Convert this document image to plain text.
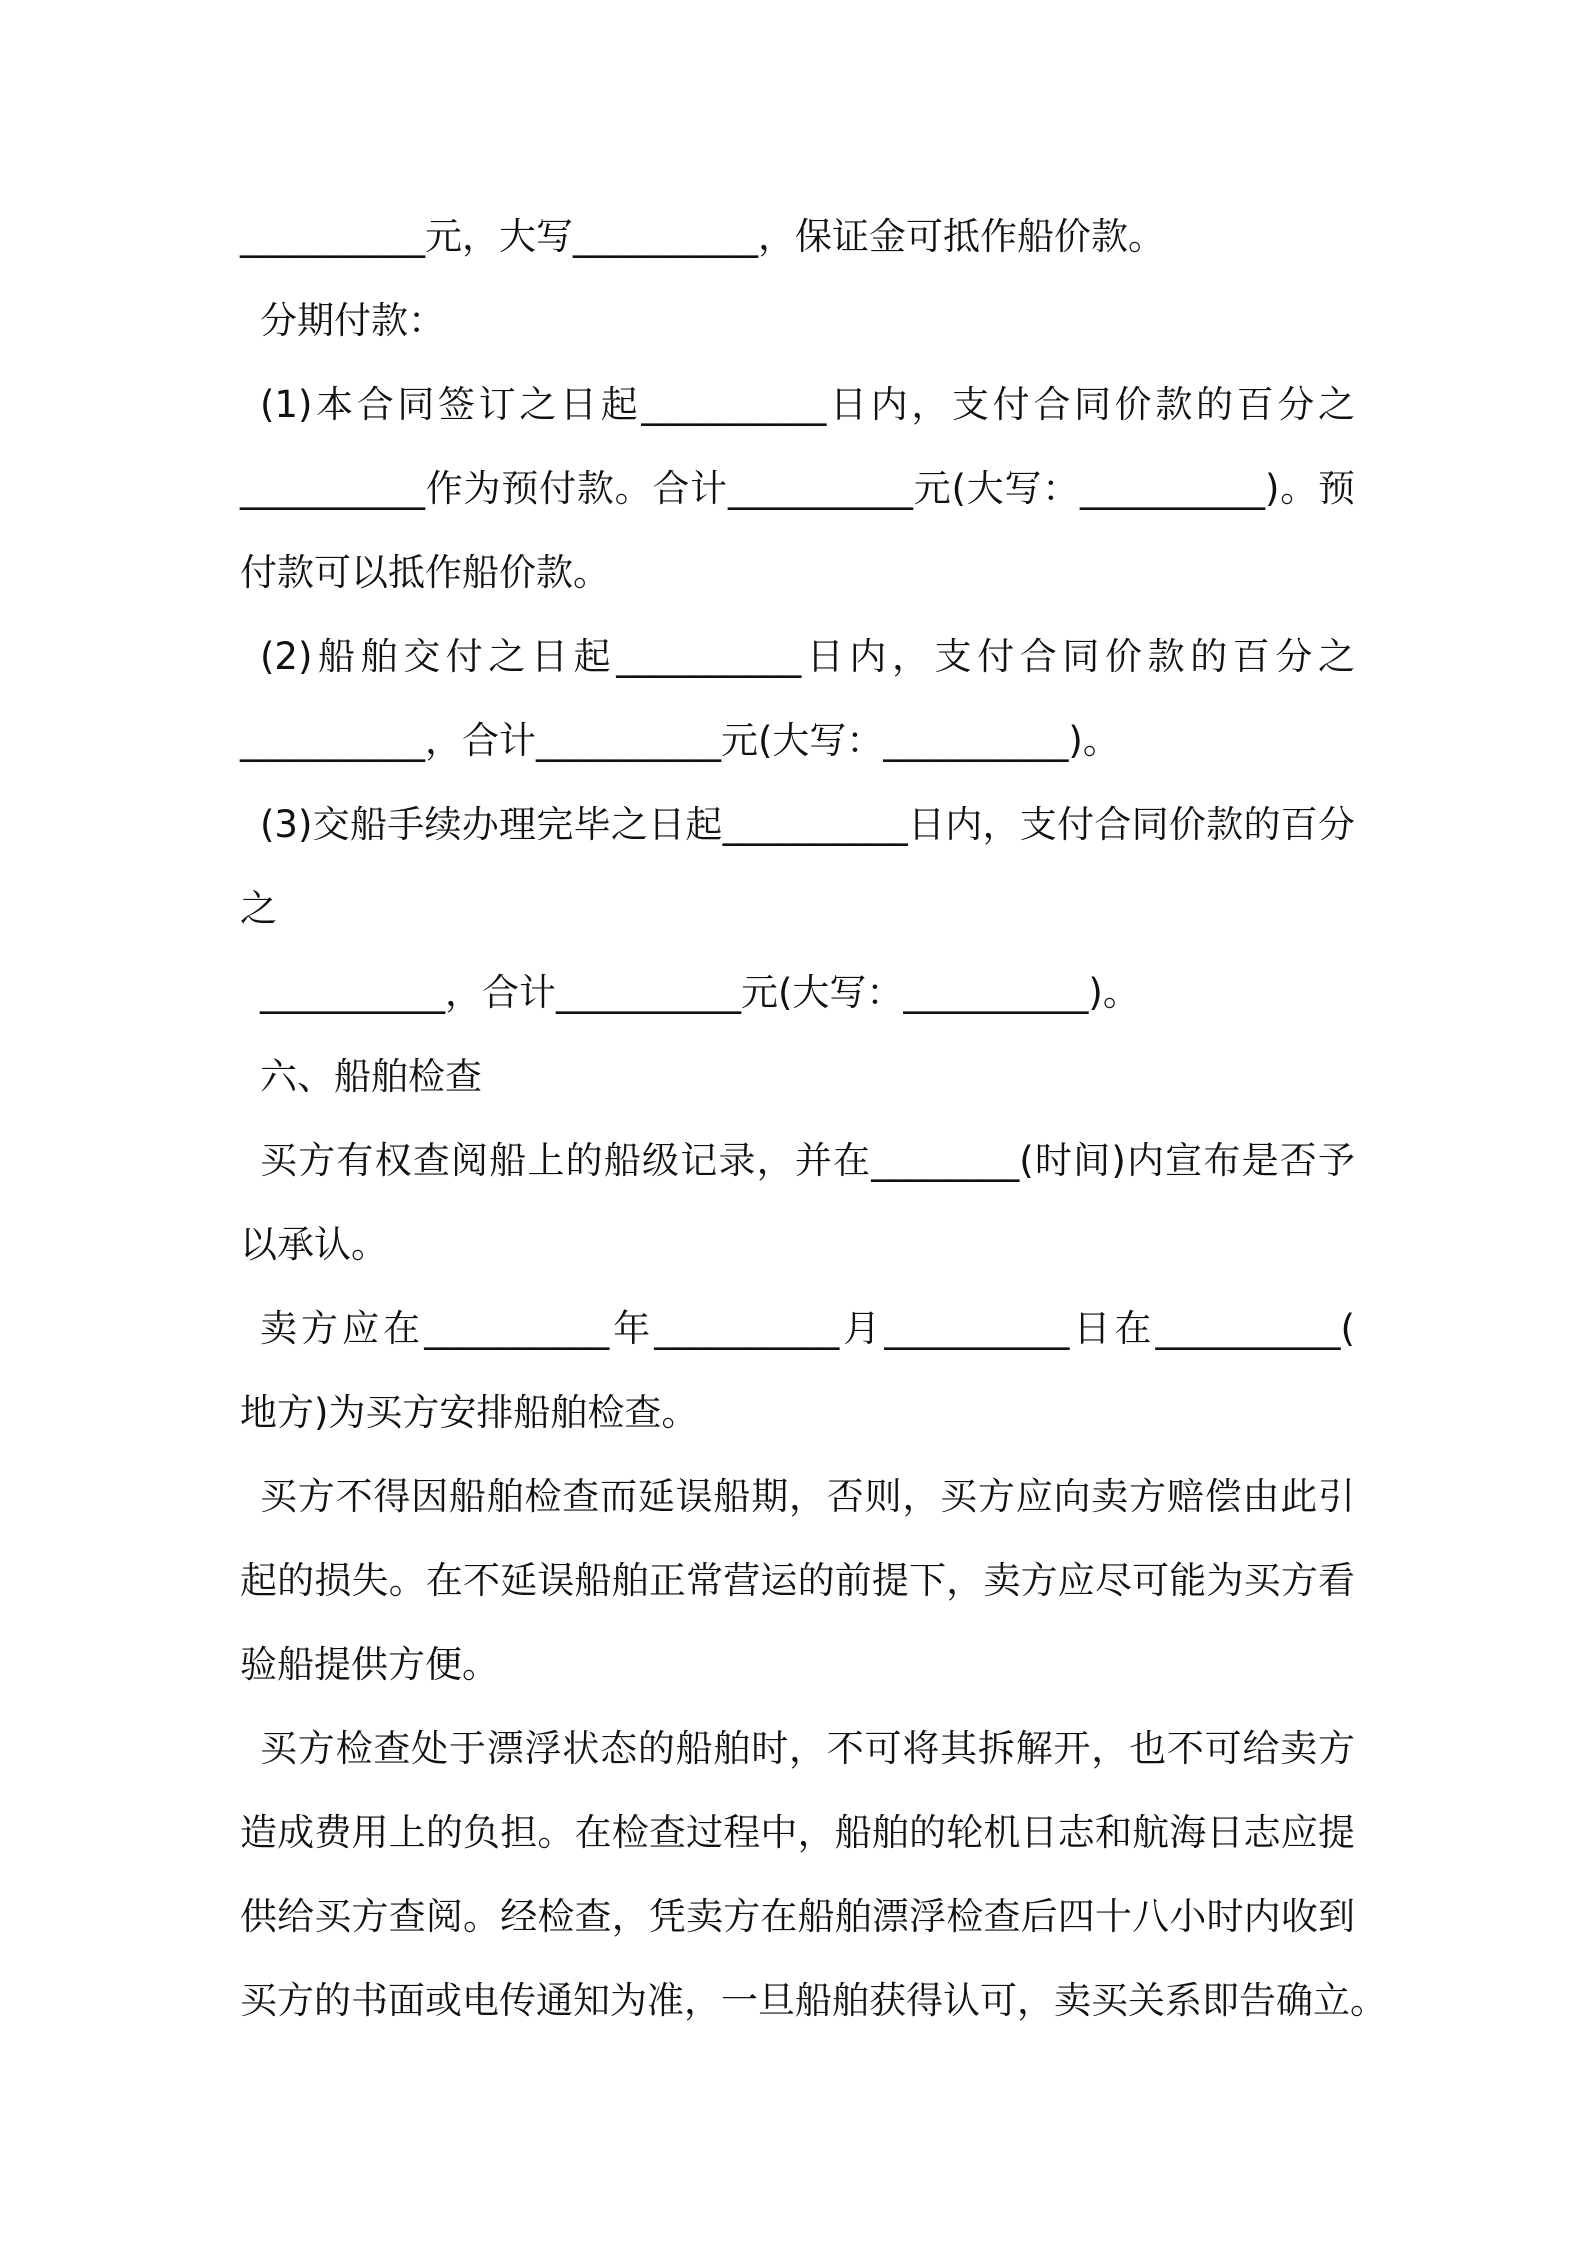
__________元，大写__________，保证金可抵作船价款。
分期付款：
(1)本合同签订之日起__________日内，支付合同价款的百分之
__________作为预付款。合计__________元(大写：__________)。预
付款可以抵作船价款。
(2)船舶交付之日起__________日内，支付合同价款的百分之
__________，合计__________元(大写：__________)。
(3)交船手续办理完毕之日起__________日内，支付合同价款的百分
之
__________，合计__________元(大写：__________)。
六、船舶检查
买方有权查阅船上的船级记录，并在________(时间)内宣布是否予
以承认。
卖方应在__________年__________月__________日在__________(
地方)为买方安排船舶检查。
买方不得因船舶检查而延误船期，否则，买方应向卖方赔偿由此引
起的损失。在不延误船舶正常营运的前提下，卖方应尽可能为买方看
验船提供方便。
买方检查处于漂浮状态的船舶时，不可将其拆解开，也不可给卖方
造成费用上的负担。在检查过程中，船舶的轮机日志和航海日志应提
供给买方查阅。经检查，凭卖方在船舶漂浮检查后四十八小时内收到
买方的书面或电传通知为准，一旦船舶获得认可，卖买关系即告确立。
